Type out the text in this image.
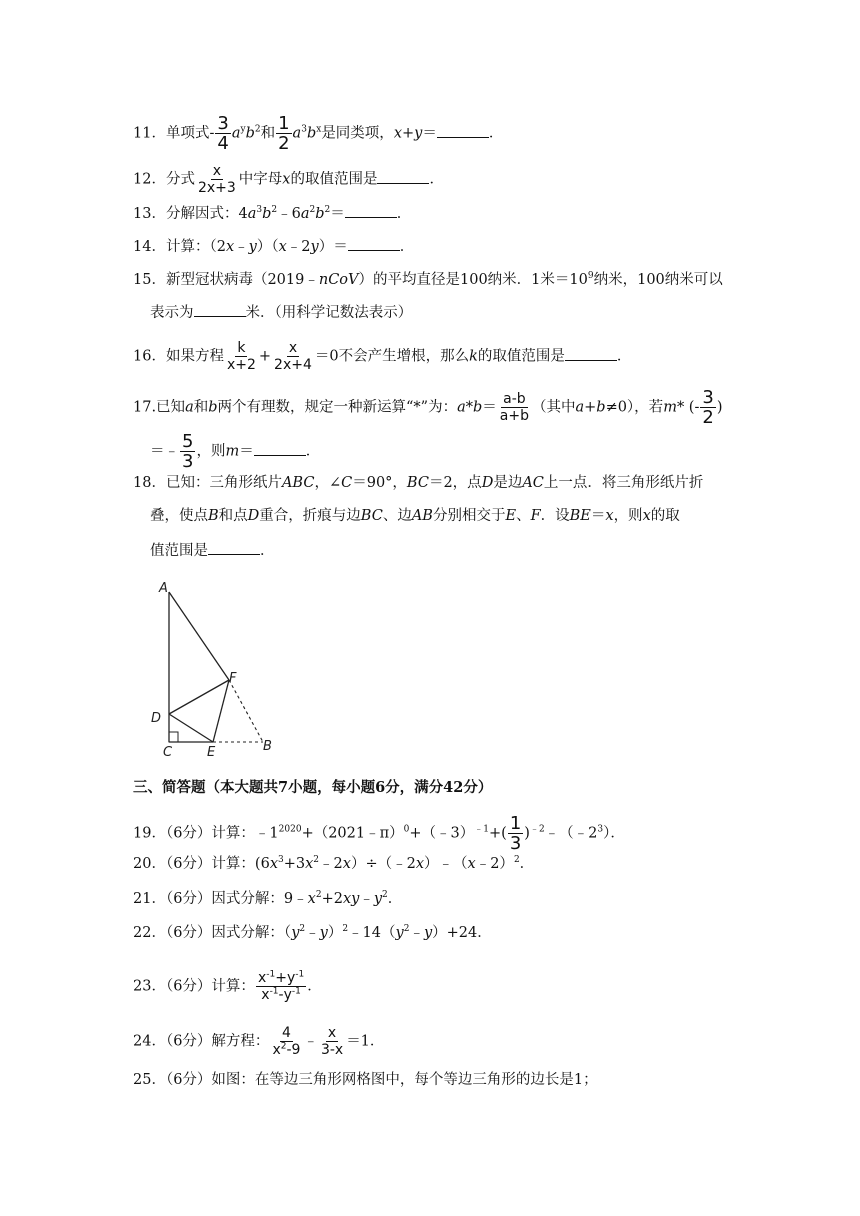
11．单项式‑ $\frac{3}{4} a^yb^2$和 $\frac{1}{2} a^3b^x$是同类项，x+y＝	．
12．分式 $\frac{x}{2x+3}$ 中字母x的取值范围是	．
13．分解因式：$4a^3b^2﹣6a^2b^2=$	．
14．计算：（2x﹣y）（x﹣2y）＝	．
15．新型冠状病毒（2019﹣nCoV）的平均直径是100纳米．1米$=10^9$纳米，100纳米可以
表示为	米．（用科学记数法表示）
16．如果方程 $\frac{k}{x+2} + \frac{x}{2x+4} =0$不会产生增根，那么k的取值范围是	．
17.已知a和b两个有理数，规定一种新运算“*”为：$a*b= \frac{a‑b}{a+b}$ （其中a+b≠0），若m* (‑ $\frac{3}{2}$ )
＝﹣ $\frac{5}{3}$ ，则m＝	．
18．已知：三角形纸片ABC，∠C＝90°，BC＝2，点D是边AC上一点．将三角形纸片折
叠，使点B和点D重合，折痕与边BC、边AB分别相交于E、F．设BE＝x，则x的取
值范围是	．
A
D
C	E
F
B
三、简答题（本大题共7小题，每小题6分，满分42分）
19．（6分）计算：$﹣1^{2020}+(2021﹣\pi)^0+(﹣3)^{﹣1}+( \frac{1}{3}$ )$^{﹣2}﹣(﹣2^3)$．
20．（6分）计算：$(6x^3+3x^2﹣2x)\div(﹣2x)﹣(x﹣2)^2$．
21．（6分）因式分解：$9﹣x^2+2xy﹣y^2$．
22．（6分）因式分解：$(y^2﹣y)^2﹣14(y^2﹣y)+24$．
23．（6分）计算： $\frac{x^{‑1}+y^{‑1}}{x^{‑1}‑y^{‑1}}$ ．
24．（6分）解方程： $\frac{4}{x^2‑9}$ ﹣ $\frac{x}{3‑x} =1$．
25．（6分）如图：在等边三角形网格图中，每个等边三角形的边长是1；
